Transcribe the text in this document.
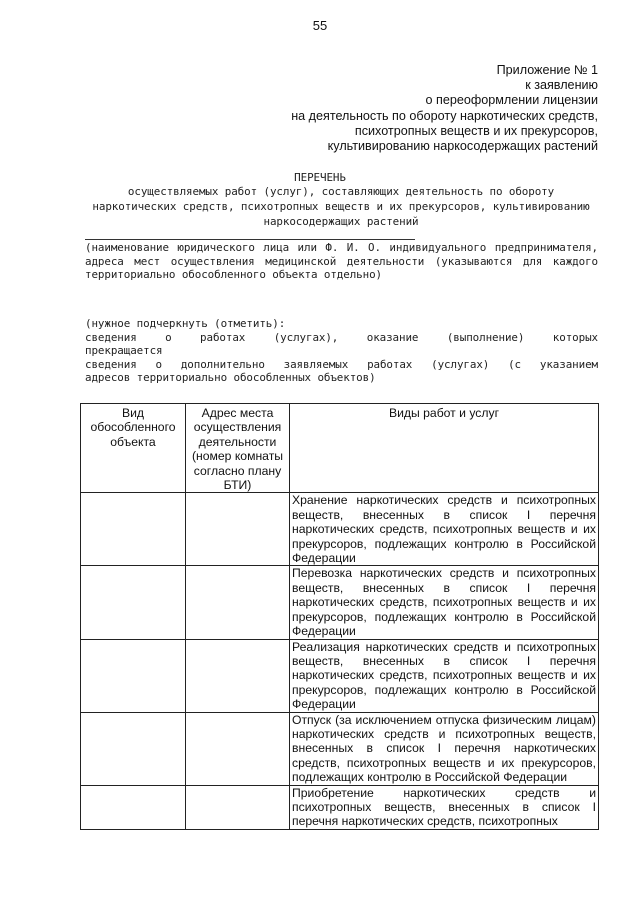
55
Приложение № 1
к заявлению
о переоформлении лицензии
на деятельность по обороту наркотических средств,
психотропных веществ и их прекурсоров,
культивированию наркосодержащих растений
ПЕРЕЧЕНЬ
осуществляемых работ (услуг), составляющих деятельность по обороту наркотических средств, психотропных веществ и их прекурсоров, культивированию наркосодержащих растений
(наименование юридического лица или Ф. И. О. индивидуального предпринимателя, адреса мест осуществления медицинской деятельности (указываются для каждого территориально обособленного объекта отдельно)
(нужное подчеркнуть (отметить):
сведения о работах (услугах), оказание (выполнение) которых
прекращается
сведения о дополнительно заявляемых работах (услугах) (с указанием
адресов территориально обособленных объектов)
Вид обособленного объекта	Адрес места осуществления деятельности (номер комнаты согласно плану БТИ)	Виды работ и услуг
		Хранение наркотических средств и психотропных веществ, внесенных в список I перечня наркотических средств, психотропных веществ и их прекурсоров, подлежащих контролю в Российской Федерации
		Перевозка наркотических средств и психотропных веществ, внесенных в список I перечня наркотических средств, психотропных веществ и их прекурсоров, подлежащих контролю в Российской Федерации
		Реализация наркотических средств и психотропных веществ, внесенных в список I перечня наркотических средств, психотропных веществ и их прекурсоров, подлежащих контролю в Российской Федерации
		Отпуск (за исключением отпуска физическим лицам) наркотических средств и психотропных веществ, внесенных в список I перечня наркотических средств, психотропных веществ и их прекурсоров, подлежащих контролю в Российской Федерации
		Приобретение наркотических средств и психотропных веществ, внесенных в список I перечня наркотических средств, психотропных
